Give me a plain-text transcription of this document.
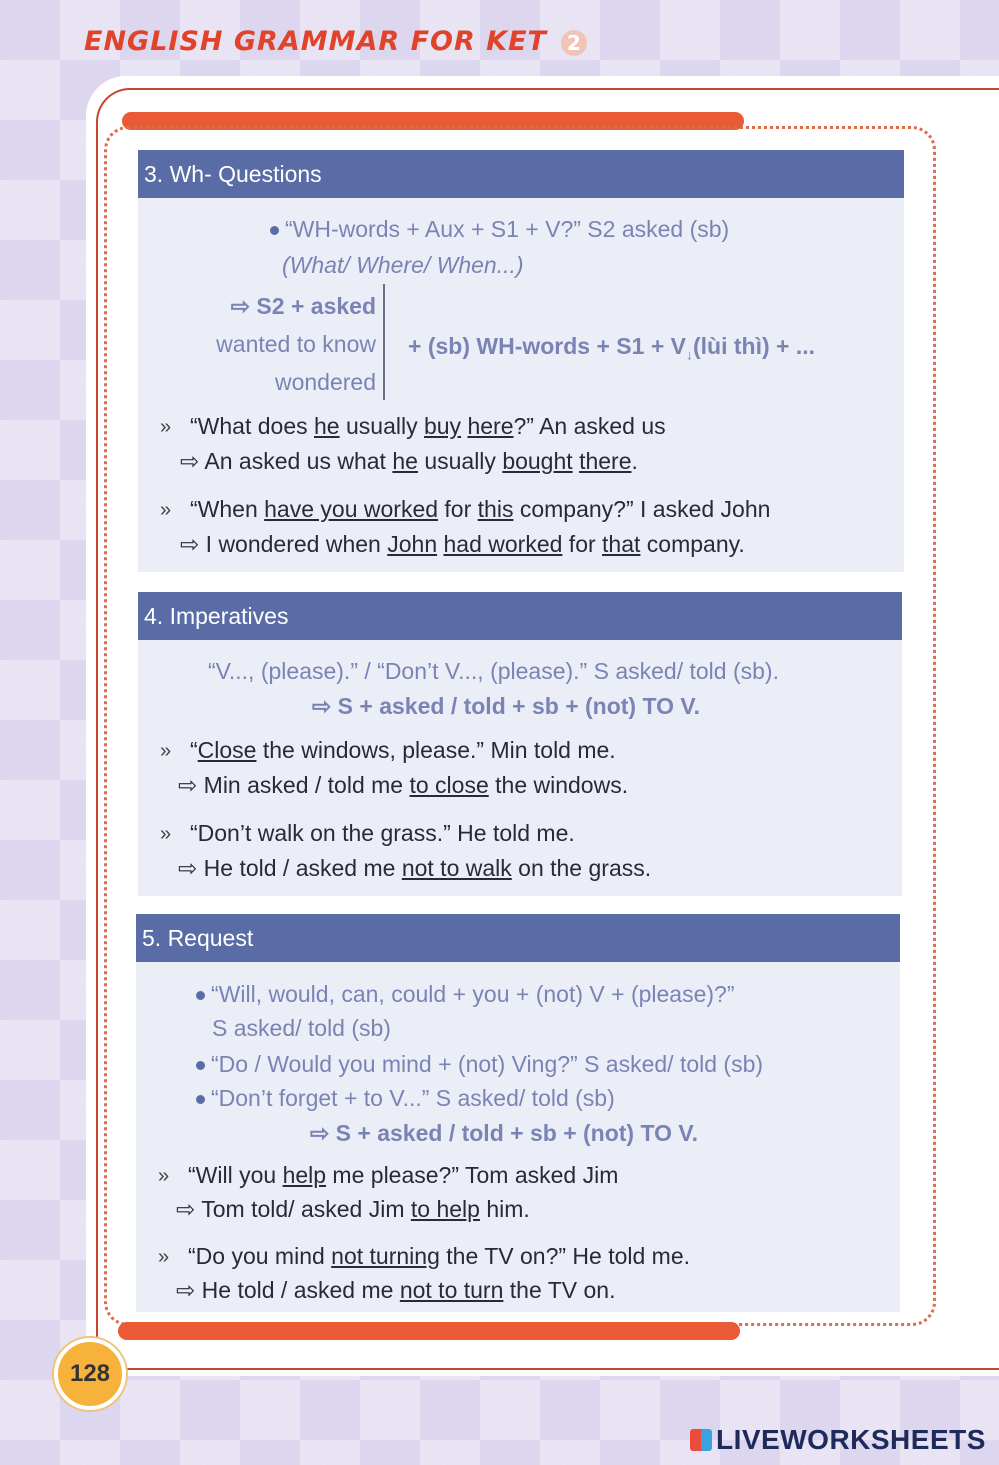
ENGLISH GRAMMAR FOR KET 2
3. Wh- Questions
“WH-words + Aux + S1 + V?” S2 asked (sb)
(What/ Where/ When...)
⇨ S2 + asked
wanted to know
wondered
+ (sb) WH-words + $S1 + V_↓(lùi$ thì) + ...
» “What does he usually buy here?” An asked us
⇨ An asked us what he usually bought there.
» “When have you worked for this company?” I asked John
⇨ I wondered when John had worked for that company.
4. Imperatives
“V..., (please).” / “Don’t V..., (please).” S asked/ told (sb).
⇨ S + asked / told + sb + (not) TO V.
» “Close the windows, please.” Min told me.
⇨ Min asked / told me to close the windows.
» “Don’t walk on the grass.” He told me.
⇨ He told / asked me not to walk on the grass.
5. Request
“Will, would, can, could + you + (not) V + (please)?”
S asked/ told (sb)
“Do / Would you mind + (not) Ving?” S asked/ told (sb)
“Don’t forget + to V...” S asked/ told (sb)
⇨ S + asked / told + sb + (not) TO V.
» “Will you help me please?” Tom asked Jim
⇨ Tom told/ asked Jim to help him.
» “Do you mind not turning the TV on?” He told me.
⇨ He told / asked me not to turn the TV on.
128
LIVEWORKSHEETS
